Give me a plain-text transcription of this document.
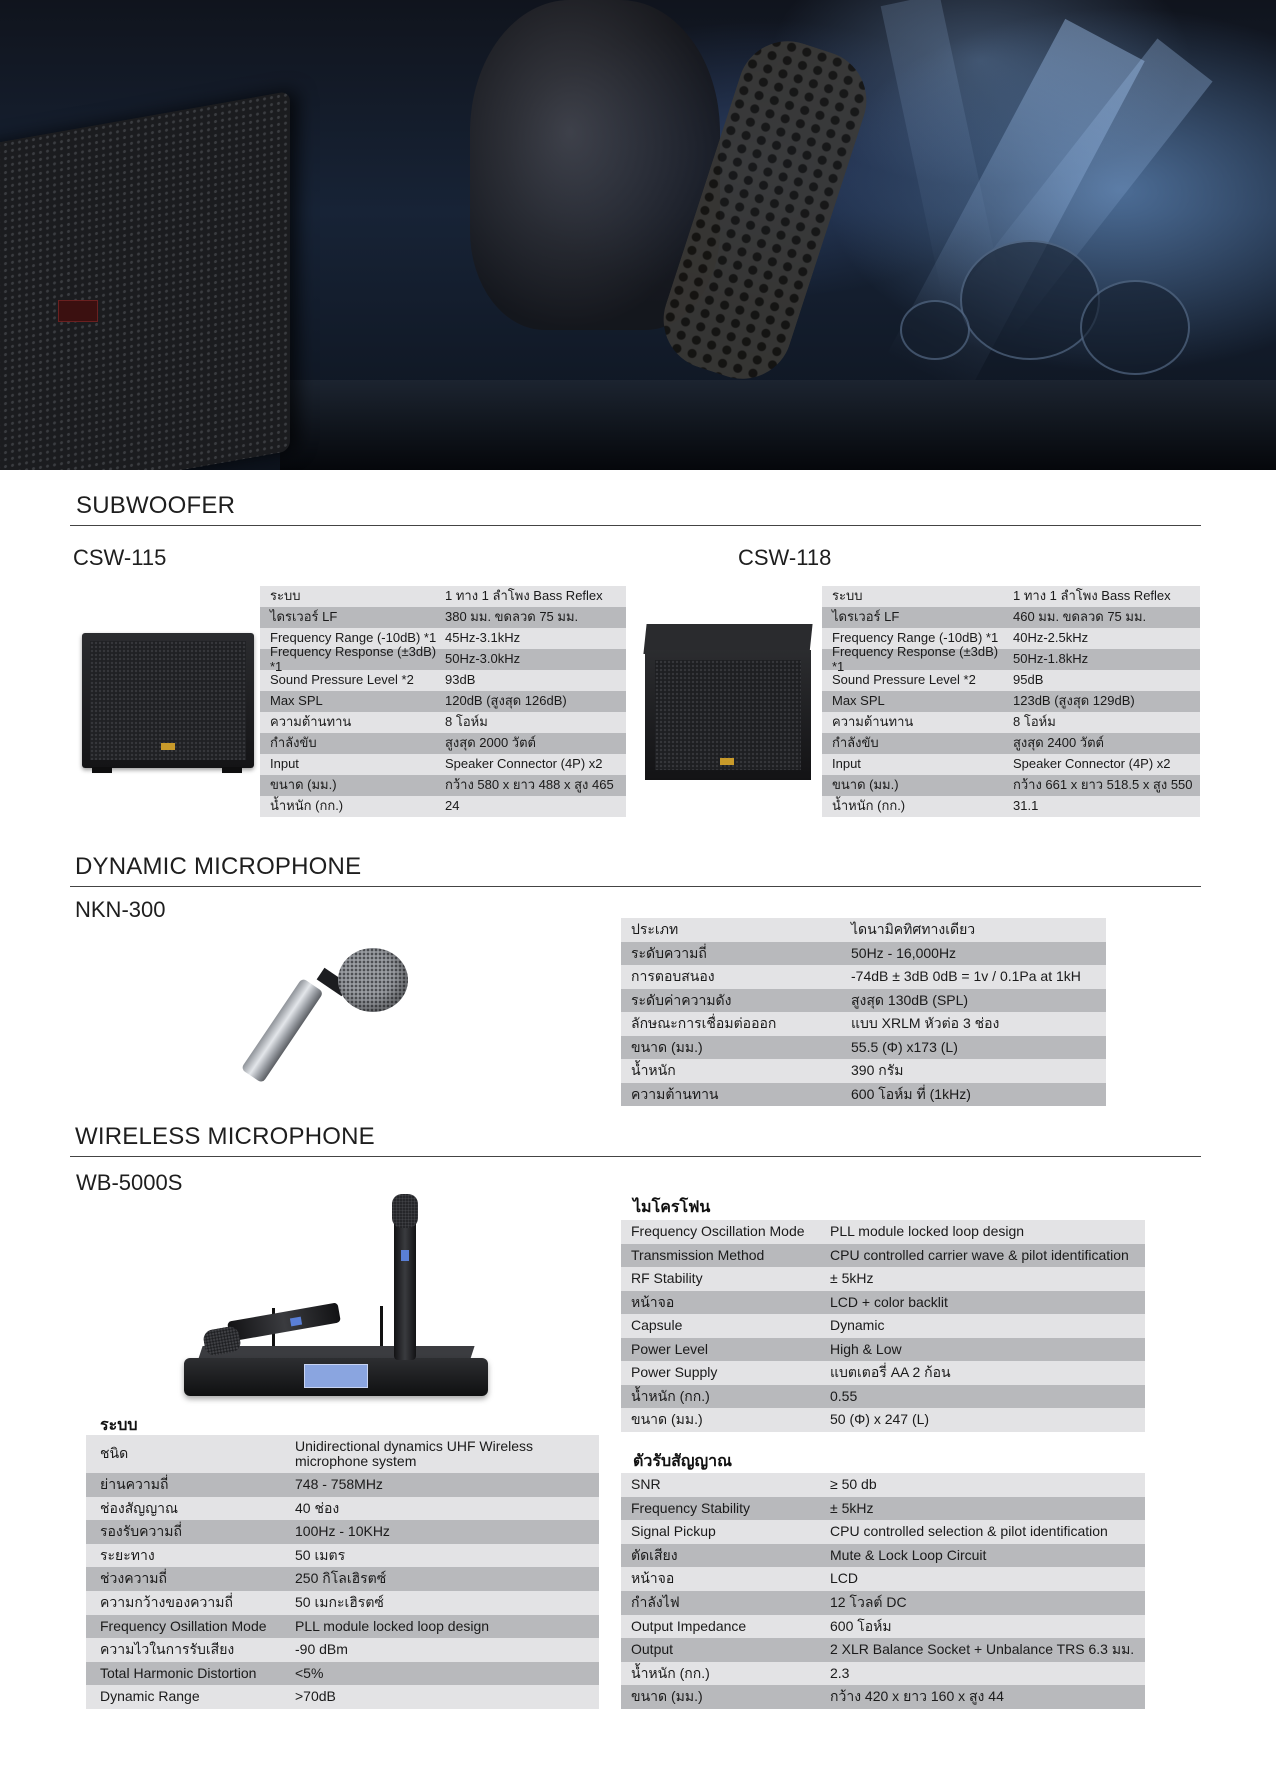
SUBWOOFER
CSW-115	CSW-118
ระบบ	1 ทาง 1 ลำโพง Bass Reflex
ไดรเวอร์ LF	380 มม. ขดลวด 75 มม.
Frequency Range (-10dB) *1 45Hz-3.1kHz
Frequency Response (±3dB) *1	50Hz-3.0kHz
Sound Pressure Level *2	93dB
Max SPL	120dB (สูงสุด 126dB)
ความต้านทาน	8 โอห์ม
กำลังขับ	สูงสุด 2000 วัตต์
Input	Speaker Connector (4P) x2
ขนาด (มม.)	กว้าง 580 x ยาว 488 x สูง 465
น้ำหนัก (กก.)	24
ระบบ	1 ทาง 1 ลำโพง Bass Reflex
ไดรเวอร์ LF	460 มม. ขดลวด 75 มม.
Frequency Range (-10dB) *1	40Hz-2.5kHz
Frequency Response (±3dB) *1	50Hz-1.8kHz
Sound Pressure Level *2	95dB
Max SPL	123dB (สูงสุด 129dB)
ความต้านทาน	8 โอห์ม
กำลังขับ	สูงสุด 2400 วัตต์
Input	Speaker Connector (4P) x2
ขนาด (มม.)	กว้าง 661 x ยาว 518.5 x สูง 550
น้ำหนัก (กก.)	31.1
DYNAMIC MICROPHONE
NKN-300
ประเภท	ไดนามิคทิศทางเดียว
ระดับความถี่	50Hz - 16,000Hz
การตอบสนอง	-74dB ± 3dB 0dB = 1v / 0.1Pa at 1kH
ระดับค่าความดัง	สูงสุด 130dB (SPL)
ลักษณะการเชื่อมต่อออก	แบบ XRLM หัวต่อ 3 ช่อง
ขนาด (มม.)	55.5 (Φ) x173 (L)
น้ำหนัก	390 กรัม
ความต้านทาน	600 โอห์ม ที่ (1kHz)
WIRELESS MICROPHONE
WB-5000S
ระบบ
ไมโครโฟน
ตัวรับสัญญาณ
ชนิด	Unidirectional dynamics UHF Wireless microphone system
ย่านความถี่	748 - 758MHz
ช่องสัญญาณ	40 ช่อง
รองรับความถี่	100Hz - 10KHz
ระยะทาง	50 เมตร
ช่วงความถี่	250 กิโลเฮิรตซ์
ความกว้างของความถี่	50 เมกะเฮิรตซ์
Frequency Osillation Mode	PLL module locked loop design
ความไวในการรับเสียง	-90 dBm
Total Harmonic Distortion	<5%
Dynamic Range	>70dB
Frequency Oscillation Mode	PLL module locked loop design
Transmission Method	CPU controlled carrier wave & pilot identification
RF Stability	± 5kHz
หน้าจอ	LCD + color backlit
Capsule	Dynamic
Power Level	High & Low
Power Supply	แบตเตอรี่ AA 2 ก้อน
น้ำหนัก (กก.)	0.55
ขนาด (มม.)	50 (Φ) x 247 (L)
SNR	≥ 50 db
Frequency Stability	± 5kHz
Signal Pickup	CPU controlled selection & pilot identification
ตัดเสียง	Mute & Lock Loop Circuit
หน้าจอ	LCD
กำลังไฟ	12 โวลต์ DC
Output Impedance	600 โอห์ม
Output	2 XLR Balance Socket + Unbalance TRS 6.3 มม.
น้ำหนัก (กก.)	2.3
ขนาด (มม.)	กว้าง 420 x ยาว 160 x สูง 44
